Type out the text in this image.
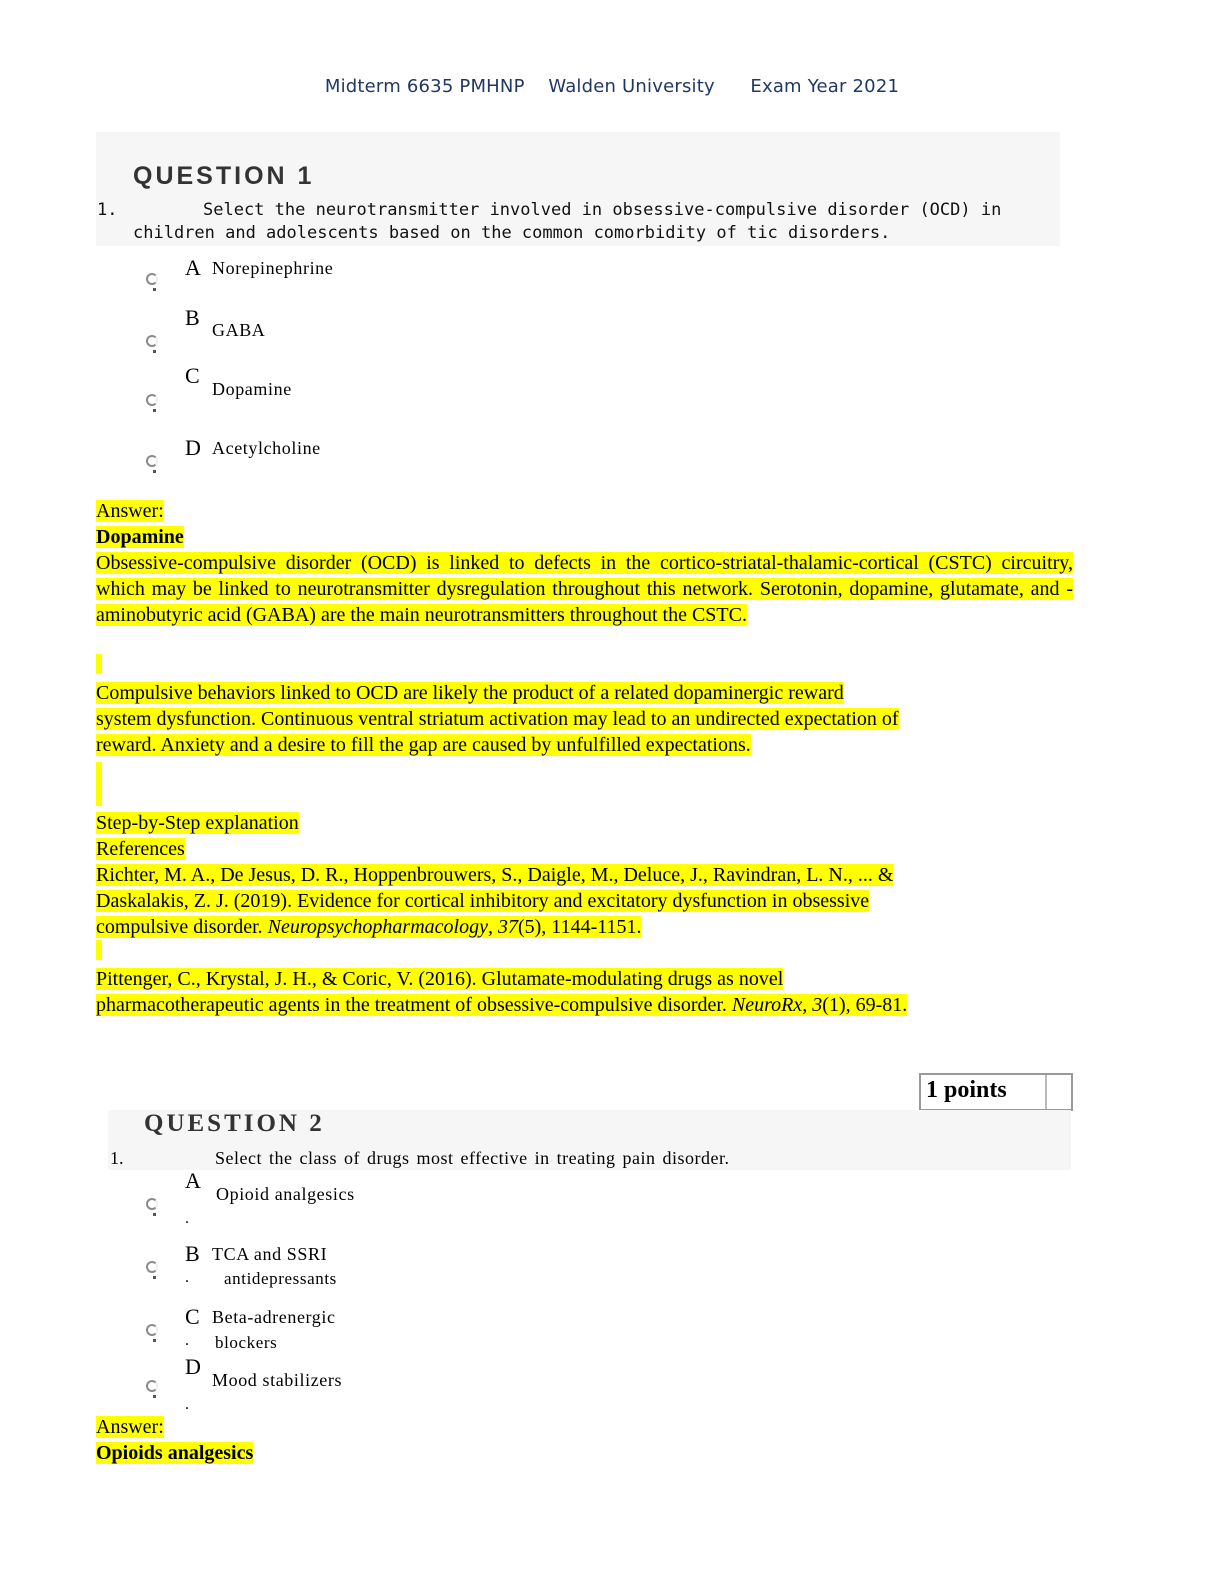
Midterm 6635 PMHNP Walden University Exam Year 2021
QUESTION 1
1.	Select the neurotransmitter involved in obsessive-compulsive disorder (OCD) in
children and adolescents based on the common comorbidity of tic disorders.
A Norepinephrine
B GABA
C
Dopamine
D Acetylcholine
Answer:
Dopamine
Obsessive-compulsive disorder (OCD) is linked to defects in the cortico-striatal-thalamic-cortical (CSTC) circuitry, which may be linked to neurotransmitter dysregulation throughout this network. Serotonin, dopamine, glutamate, and -aminobutyric acid (GABA) are the main neurotransmitters throughout the CSTC.
Compulsive behaviors linked to OCD are likely the product of a related dopaminergic reward
system dysfunction. Continuous ventral striatum activation may lead to an undirected expectation of
reward. Anxiety and a desire to fill the gap are caused by unfulfilled expectations.
Step-by-Step explanation
References
Richter, M. A., De Jesus, D. R., Hoppenbrouwers, S., Daigle, M., Deluce, J., Ravindran, L. N., ... &
Daskalakis, Z. J. (2019). Evidence for cortical inhibitory and excitatory dysfunction in obsessive
compulsive disorder. Neuropsychopharmacology, 37(5), 1144-1151.
Pittenger, C., Krystal, J. H., & Coric, V. (2016). Glutamate-modulating drugs as novel
pharmacotherapeutic agents in the treatment of obsessive-compulsive disorder. NeuroRx, 3(1), 69-81.
1 points
QUESTION 2
1.	Select the class of drugs most effective in treating pain disorder.
A
Opioid analgesics
.
B TCA and SSRI
. antidepressants
C Beta-adrenergic
. blockers
D
Mood stabilizers
.
Answer:
Opioids analgesics
